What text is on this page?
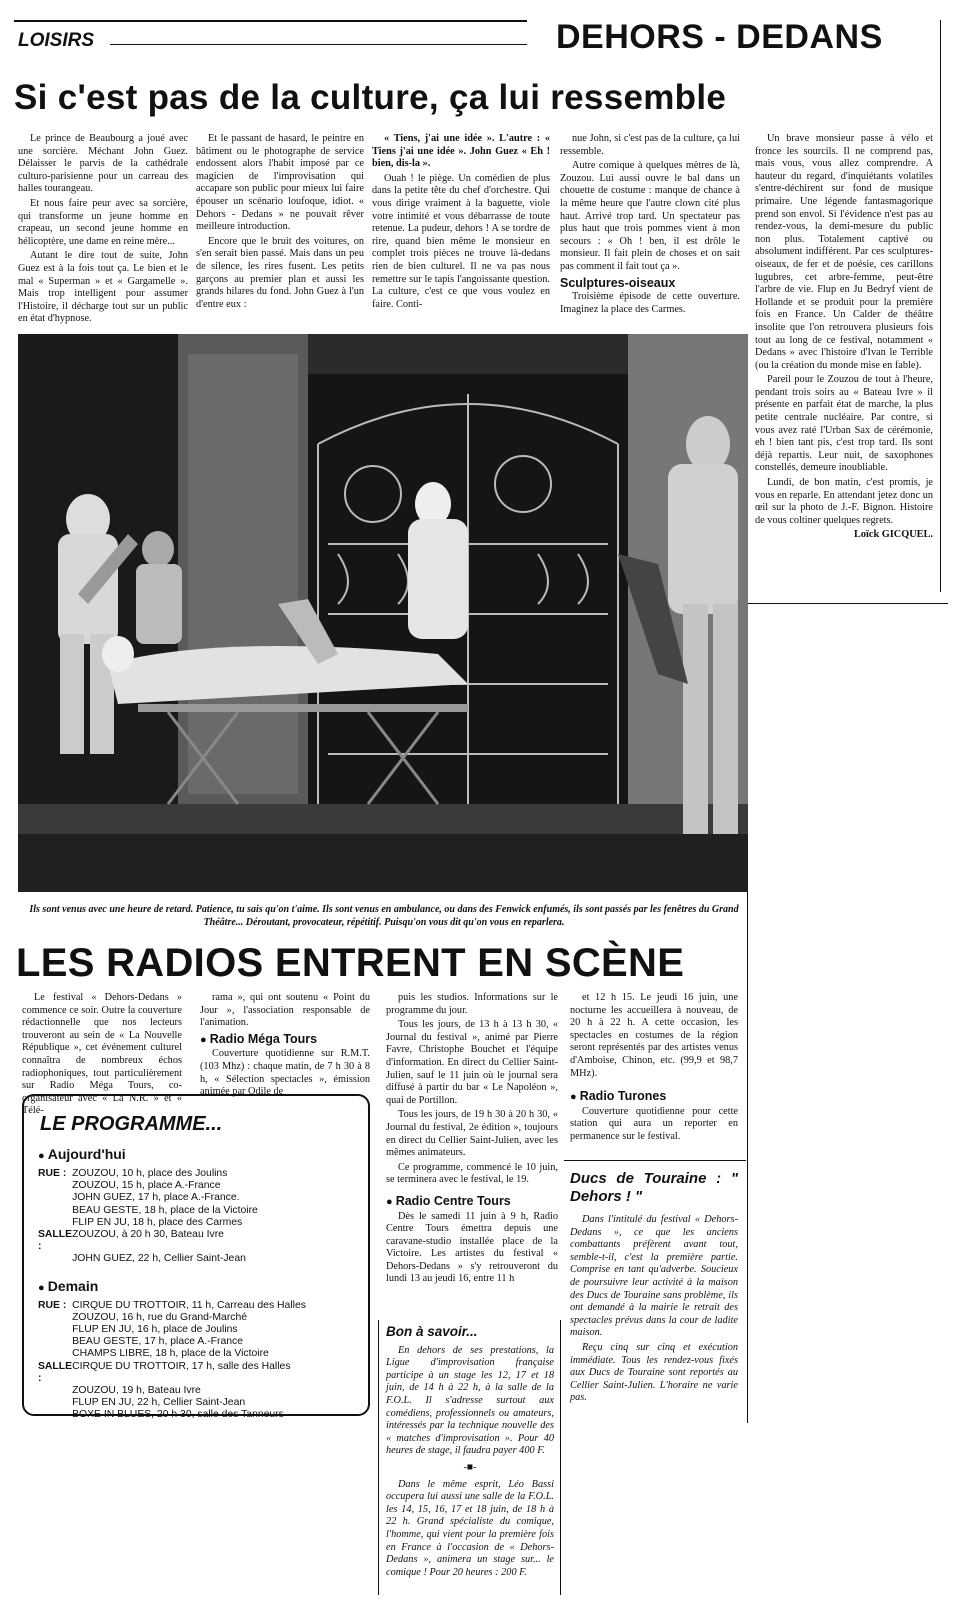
LOISIRS	DEHORS - DEDANS
Si c'est pas de la culture, ça lui ressemble

Le prince de Beaubourg a joué avec une sorcière. Méchant John Guez. Délaisser le parvis de la cathédrale culturo-parisienne pour un carreau des halles tourangeau.

Et nous faire peur avec sa sorcière, qui transforme un jeune homme en crapeau, un second jeune homme en hélicoptère, une dame en reine mère...

Autant le dire tout de suite, John Guez est à la fois tout ça. Le bien et le mal « Superman » et « Gargamelle ». Mais trop intelligent pour assumer l'Histoire, il décharge tout sur un public en état d'hypnose.

Et le passant de hasard, le peintre en bâtiment ou le photographe de service endossent alors l'habit imposé par ce magicien de l'improvisation qui accapare son public pour mieux lui faire épouser un scénario loufoque, idiot. « Dehors - Dedans » ne pouvait rêver meilleure introduction.

Encore que le bruit des voitures, on s'en serait bien passé. Mais dans un peu de silence, les rires fusent. Les petits garçons au premier plan et aussi les grands hilares du fond. John Guez à l'un d'entre eux :

« Tiens, j'ai une idée ». L'autre : « Tiens j'ai une idée ». John Guez « Eh ! bien, dis-la ».

Ouah ! le piège. Un comédien de plus dans la petite tête du chef d'orchestre. Qui vous dirige vraiment à la baguette, viole votre intimité et vous débarrasse de toute retenue. La pudeur, dehors ! A se tordre de rire, quand bien même le monsieur en complet trois pièces ne trouve là-dedans rien de bien culturel. Il ne va pas nous remettre sur le tapis l'angoissante question. La culture, c'est ce que vous voulez en faire. Conti-

nue John, si c'est pas de la culture, ça lui ressemble.

Autre comique à quelques mètres de là, Zouzou. Lui aussi ouvre le bal dans un chouette de costume : manque de chance à la même heure que l'autre clown cité plus haut. Arrivé trop tard. Un spectateur pas plus haut que trois pommes vient à mon secours : « Oh ! ben, il est drôle le monsieur. Il fait plein de choses et on sait pas comment il fait tout ça ».

Sculptures-oiseaux

Troisième épisode de cette ouverture. Imaginez la place des Carmes.

Un brave monsieur passe à vélo et fronce les sourcils. Il ne comprend pas, mais vous, vous allez comprendre. A hauteur du regard, d'inquiétants volatiles s'entre-déchirent sur fond de musique primaire. Une légende fantasmagorique prend son envol. Si l'évidence n'est pas au rendez-vous, la demi-mesure du public non plus. Totalement captivé ou absolument indifférent. Par ces sculptures-oiseaux, de fer et de poésie, ces carillons lugubres, cet arbre-femme, peut-être l'arbre de vie. Flup en Ju Bedryf vient de Hollande et se produit pour la première fois en France. Un Calder de théâtre insolite que l'on retrouvera plusieurs fois tout au long de ce festival, notamment « Dedans » avec l'histoire d'Ivan le Terrible (ou la création du monde mise en fable).

Pareil pour le Zouzou de tout à l'heure, pendant trois soirs au « Bateau Ivre » il présente en parfait état de marche, la plus petite centrale nucléaire. Par contre, si vous avez raté l'Urban Sax de cérémonie, eh ! bien tant pis, c'est trop tard. Ils sont déjà repartis. Leur nuit, de saxophones constellés, demeure inoubliable.

Lundi, de bon matin, c'est promis, je vous en reparle. En attendant jetez donc un œil sur la photo de J.-F. Bignon. Histoire de vous coltiner quelques regrets.

Loïck GICQUEL.
Ils sont venus avec une heure de retard. Patience, tu sais qu'on t'aime. Ils sont venus en ambulance, ou dans des Fenwick enfumés, ils sont passés par les fenêtres du Grand Théâtre... Déroutant, provocateur, répétitif. Puisqu'on vous dit qu'on vous en reparlera.
LES RADIOS ENTRENT EN SCÈNE

Le festival « Dehors-Dedans » commence ce soir. Outre la couverture rédactionnelle que nos lecteurs trouveront au sein de « La Nouvelle République », cet événement culturel connaîtra de nombreux échos radiophoniques, tout particulièrement sur Radio Méga Tours, co-organisateur avec « La N.R. » et « Télé-

rama », qui ont soutenu « Point du Jour », l'association responsable de l'animation.

● Radio Méga Tours

Couverture quotidienne sur R.M.T. (103 Mhz) : chaque matin, de 7 h 30 à 8 h, « Sélection spectacles », émission animée par Odile de

puis les studios. Informations sur le programme du jour.

Tous les jours, de 13 h à 13 h 30, « Journal du festival », animé par Pierre Favre, Christophe Bouchet et l'équipe d'information. En direct du Cellier Saint-Julien, sauf le 11 juin où le journal sera diffusé à partir du bar « Le Napoléon », quai de Portillon.

Tous les jours, de 19 h 30 à 20 h 30, « Journal du festival, 2e édition », toujours en direct du Cellier Saint-Julien, avec les mêmes animateurs.

Ce programme, commencé le 10 juin, se terminera avec le festival, le 19.

● Radio Centre Tours

Dès le samedi 11 juin à 9 h, Radio Centre Tours émettra depuis une caravane-studio installée place de la Victoire. Les artistes du festival « Dehors-Dedans » s'y retrouveront du lundi 13 au jeudi 16, entre 11 h

et 12 h 15. Le jeudi 16 juin, une nocturne les accueillera à nouveau, de 20 h à 22 h. A cette occasion, les spectacles en costumes de la région seront représentés par des artistes venus d'Amboise, Chinon, etc. (99,9 et 98,7 MHz).

● Radio Turones

Couverture quotidienne pour cette station qui aura un reporter en permanence sur le festival.

LE PROGRAMME...
● Aujourd'hui
RUE :	ZOUZOU, 10 h, place des Joulins
	ZOUZOU, 15 h, place A.-France
	JOHN GUEZ, 17 h, place A.-France.
	BEAU GESTE, 18 h, place de la Victoire
	FLIP EN JU, 18 h, place des Carmes
SALLE :	ZOUZOU, à 20 h 30, Bateau Ivre
	JOHN GUEZ, 22 h, Cellier Saint-Jean
● Demain
RUE :	CIRQUE DU TROTTOIR, 11 h, Carreau des Halles
	ZOUZOU, 16 h, rue du Grand-Marché
	FLUP EN JU, 16 h, place de Joulins
	BEAU GESTE, 17 h, place A.-France
	CHAMPS LIBRE, 18 h, place de la Victoire
SALLE :	CIRQUE DU TROTTOIR, 17 h, salle des Halles
	ZOUZOU, 19 h, Bateau Ivre
	FLUP EN JU, 22 h, Cellier Saint-Jean
	BOXE IN BLUES, 20 h 30, salle des Tanneurs
Bon à savoir...

En dehors de ses prestations, la Ligue d'improvisation française participe à un stage les 12, 17 et 18 juin, de 14 h à 22 h, à la salle de la F.O.L. Il s'adresse surtout aux comédiens, professionnels ou amateurs, intéressés par la technique nouvelle des « matches d'improvisation ». Pour 40 heures de stage, il faudra payer 400 F.

-■-

Dans le même esprit, Léo Bassi occupera lui aussi une salle de la F.O.L. les 14, 15, 16, 17 et 18 juin, de 18 h à 22 h. Grand spécialiste du comique, l'homme, qui vient pour la première fois en France à l'occasion de « Dehors-Dedans », animera un stage sur... le comique ! Pour 20 heures : 200 F.

Ducs de Touraine : " Dehors ! "

Dans l'intitulé du festival « Dehors-Dedans », ce que les anciens combattants préfèrent avant tout, semble-t-il, c'est la première partie. Comprise en tant qu'adverbe. Soucieux de poursuivre leur activité à la maison des Ducs de Touraine sans problème, ils ont demandé à la mairie le retrait des spectacles prévus dans la cour de ladite maison.

Reçu cinq sur cinq et exécution immédiate. Tous les rendez-vous fixés aux Ducs de Touraine sont reportés au Cellier Saint-Julien. L'horaire ne varie pas.
